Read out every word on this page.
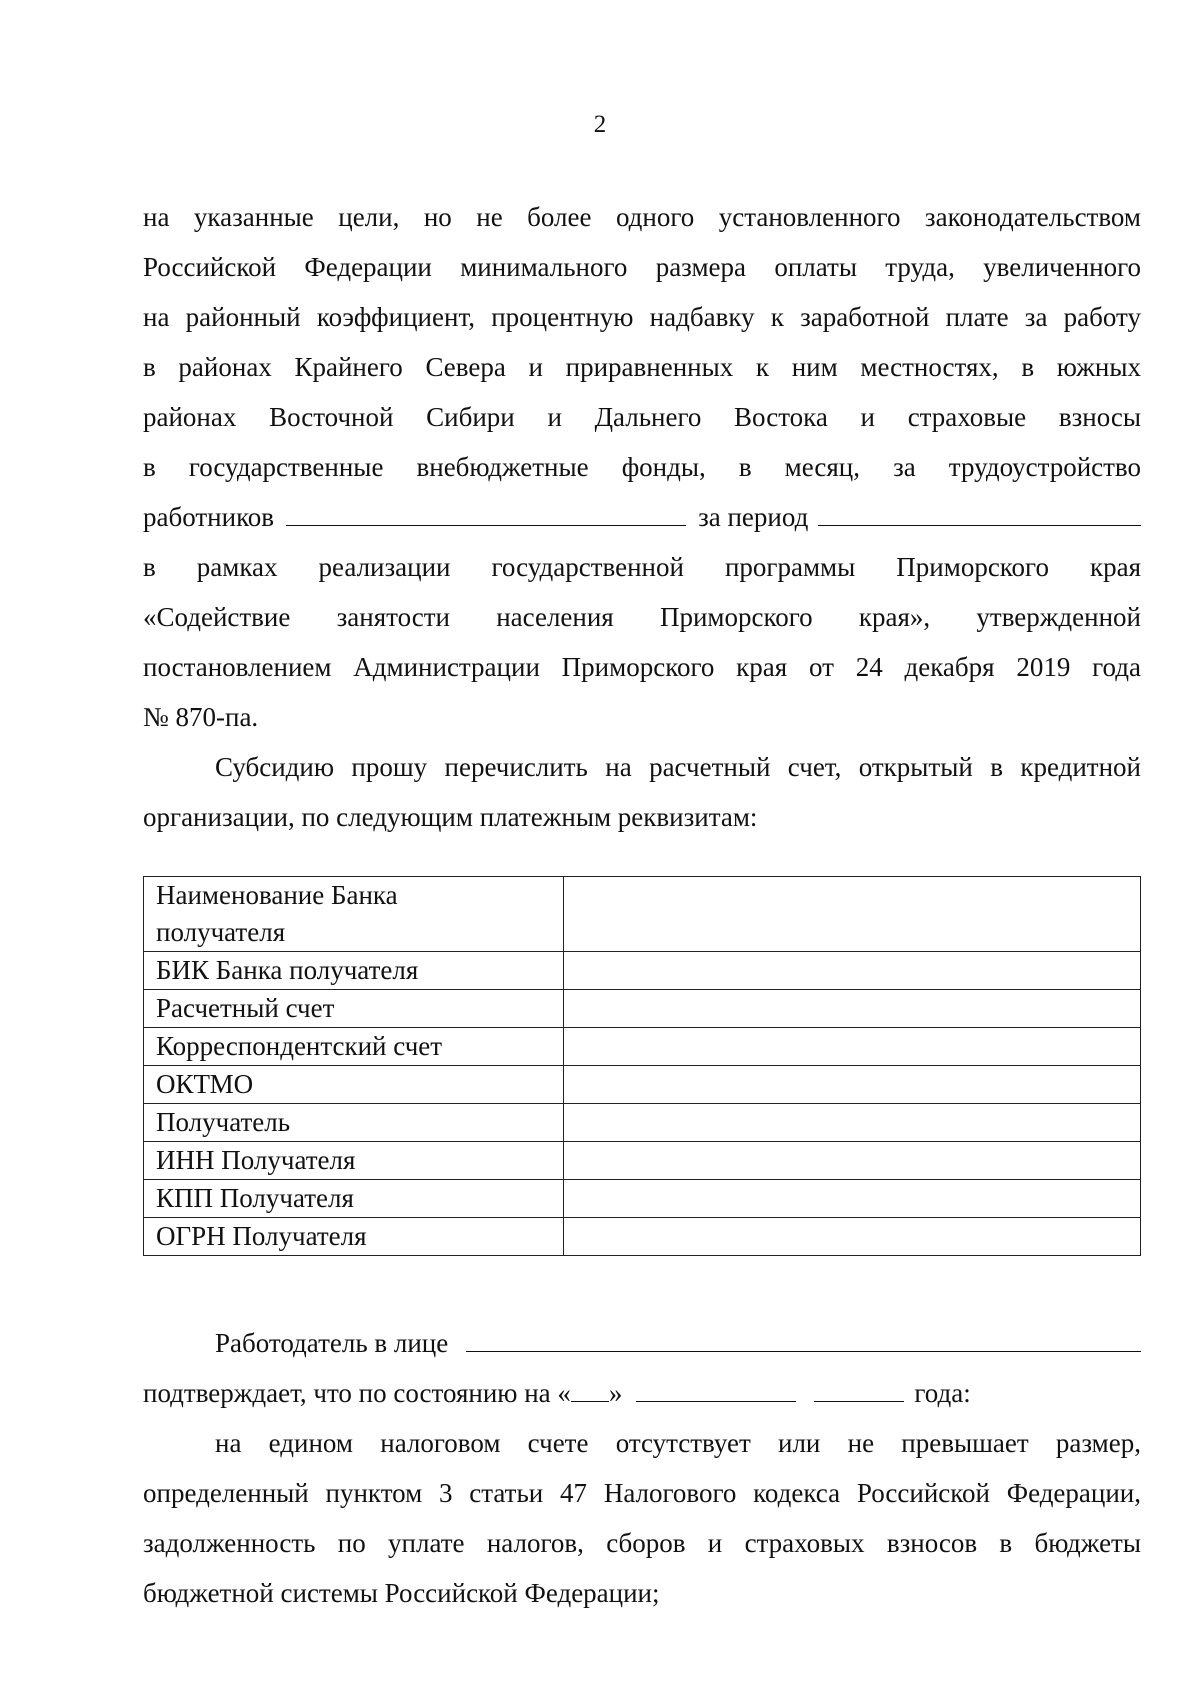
2
на указанные цели, но не более одного установленного законодательством
Российской Федерации минимального размера оплаты труда, увеличенного
на районный коэффициент, процентную надбавку к заработной плате за работу
в районах Крайнего Севера и приравненных к ним местностях, в южных
районах Восточной Сибири и Дальнего Востока и страховые взносы
в государственные внебюджетные фонды, в месяц, за трудоустройство
работников	за период
в рамках реализации государственной программы Приморского края
«Содействие занятости населения Приморского края», утвержденной
постановлением Администрации Приморского края от 24 декабря 2019 года
№ 870-па.
Субсидию прошу перечислить на расчетный счет, открытый в кредитной
организации, по следующим платежным реквизитам:
Наименование Банка
получателя	

БИК Банка получателя	
Расчетный счет	
Корреспондентский счет	
ОКТМО	
Получатель	
ИНН Получателя	
КПП Получателя	
ОГРН Получателя	
Работодатель в лице
подтверждает, что по состоянию на « »	года:
на едином налоговом счете отсутствует или не превышает размер,
определенный пунктом 3 статьи 47 Налогового кодекса Российской Федерации,
задолженность по уплате налогов, сборов и страховых взносов в бюджеты
бюджетной системы Российской Федерации;
